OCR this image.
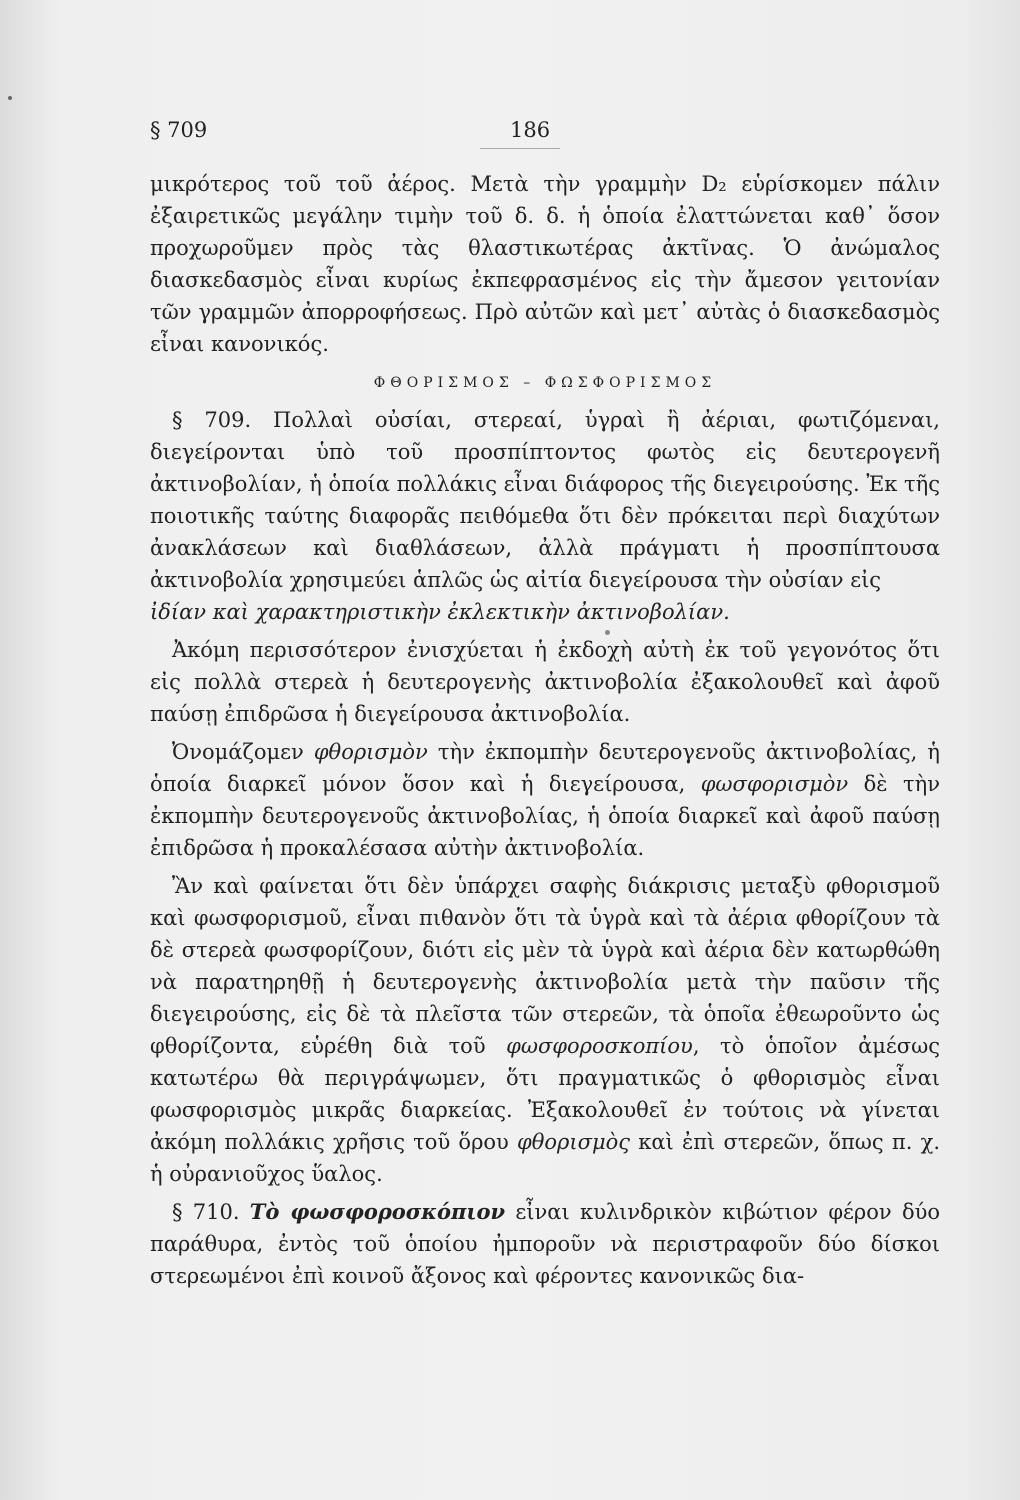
§ 709	186

μικρότερος τοῦ τοῦ ἀέρος. Μετὰ τὴν γραμμὴν D₂ εὑρίσκομεν πάλιν ἐξαιρετικῶς μεγάλην τιμὴν τοῦ δ. δ. ἡ ὁποία ἐλαττώνεται καθ᾽ ὅσον προχωροῦμεν πρὸς τὰς θλαστικωτέρας ἀκτῖνας. Ὁ ἀνώμαλος διασκεδασμὸς εἶναι κυρίως ἐκπεφρασμένος εἰς τὴν ἄμεσον γειτονίαν τῶν γραμμῶν ἀπορροφήσεως. Πρὸ αὐτῶν καὶ μετ᾽ αὐτὰς ὁ διασκεδασμὸς εἶναι κανονικός.

ΦΘΟΡΙΣΜΟΣ – ΦΩΣΦΟΡΙΣΜΟΣ

§ 709. Πολλαὶ οὐσίαι, στερεαί, ὑγραὶ ἢ ἀέριαι, φωτιζόμεναι, διεγείρονται ὑπὸ τοῦ προσπίπτοντος φωτὸς εἰς δευτερογενῆ ἀκτινοβολίαν, ἡ ὁποία πολλάκις εἶναι διάφορος τῆς διεγειρούσης. Ἐκ τῆς ποιοτικῆς ταύτης διαφορᾶς πειθόμεθα ὅτι δὲν πρόκειται περὶ διαχύτων ἀνακλάσεων καὶ διαθλάσεων, ἀλλὰ πράγματι ἡ προσπίπτουσα ἀκτινοβολία χρησιμεύει ἁπλῶς ὡς αἰτία διεγείρουσα τὴν οὐσίαν εἰς

ἰδίαν καὶ χαρακτηριστικὴν ἐκλεκτικὴν ἀκτινοβολίαν.

Ἀκόμη περισσότερον ἐνισχύεται ἡ ἐκδοχὴ αὐτὴ ἐκ τοῦ γεγονότος ὅτι εἰς πολλὰ στερεὰ ἡ δευτερογενὴς ἀκτινοβολία ἐξακολουθεῖ καὶ ἀφοῦ παύσῃ ἐπιδρῶσα ἡ διεγείρουσα ἀκτινοβολία.

Ὀνομάζομεν φθορισμὸν τὴν ἐκπομπὴν δευτερογενοῦς ἀκτινοβολίας, ἡ ὁποία διαρκεῖ μόνον ὅσον καὶ ἡ διεγείρουσα, φωσφορισμὸν δὲ τὴν ἐκπομπὴν δευτερογενοῦς ἀκτινοβολίας, ἡ ὁποία διαρκεῖ καὶ ἀφοῦ παύσῃ ἐπιδρῶσα ἡ προκαλέσασα αὐτὴν ἀκτινοβολία.

Ἂν καὶ φαίνεται ὅτι δὲν ὑπάρχει σαφὴς διάκρισις μεταξὺ φθορισμοῦ καὶ φωσφορισμοῦ, εἶναι πιθανὸν ὅτι τὰ ὑγρὰ καὶ τὰ ἀέρια φθορίζουν τὰ δὲ στερεὰ φωσφορίζουν, διότι εἰς μὲν τὰ ὑγρὰ καὶ ἀέρια δὲν κατωρθώθη νὰ παρατηρηθῇ ἡ δευτερογενὴς ἀκτινοβολία μετὰ τὴν παῦσιν τῆς διεγειρούσης, εἰς δὲ τὰ πλεῖστα τῶν στερεῶν, τὰ ὁποῖα ἐθεωροῦντο ὡς φθορίζοντα, εὑρέθη διὰ τοῦ φωσφοροσκοπίου, τὸ ὁποῖον ἀμέσως κατωτέρω θὰ περιγράψωμεν, ὅτι πραγματικῶς ὁ φθορισμὸς εἶναι φωσφορισμὸς μικρᾶς διαρκείας. Ἐξακολουθεῖ ἐν τούτοις νὰ γίνεται ἀκόμη πολλάκις χρῆσις τοῦ ὅρου φθορισμὸς καὶ ἐπὶ στερεῶν, ὅπως π. χ. ἡ οὐρανιοῦχος ὕαλος.

§ 710. Τὸ φωσφοροσκόπιον εἶναι κυλινδρικὸν κιβώτιον φέρον δύο παράθυρα, ἐντὸς τοῦ ὁποίου ἠμποροῦν νὰ περιστραφοῦν δύο δίσκοι στερεωμένοι ἐπὶ κοινοῦ ἄξονος καὶ φέροντες κανονικῶς δια-
